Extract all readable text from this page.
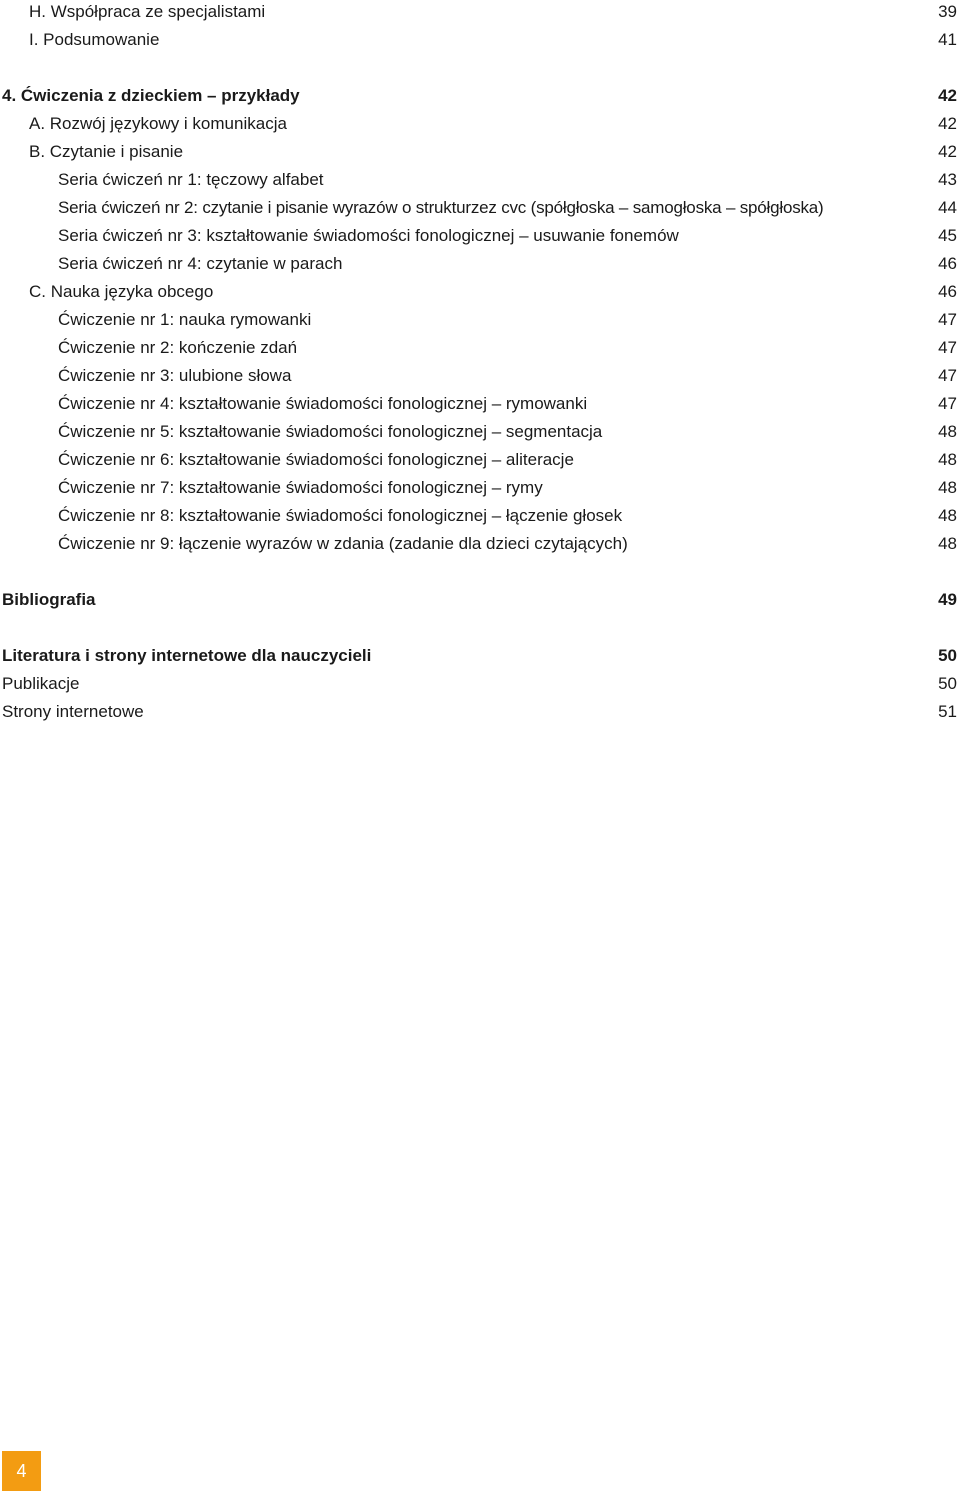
H. Współpraca ze specjalistami	39
I. Podsumowanie	41
4. Ćwiczenia z dzieckiem – przykłady	42
A. Rozwój językowy i komunikacja	42
B. Czytanie i pisanie	42
Seria ćwiczeń nr 1: tęczowy alfabet	43
Seria ćwiczeń nr 2: czytanie i pisanie wyrazów o strukturzez cvc (spółgłoska – samogłoska – spółgłoska)	44
Seria ćwiczeń nr 3: kształtowanie świadomości fonologicznej – usuwanie fonemów	45
Seria ćwiczeń nr 4: czytanie w parach	46
C. Nauka języka obcego	46
Ćwiczenie nr 1: nauka rymowanki	47
Ćwiczenie nr 2: kończenie zdań	47
Ćwiczenie nr 3: ulubione słowa	47
Ćwiczenie nr 4: kształtowanie świadomości fonologicznej – rymowanki	47
Ćwiczenie nr 5: kształtowanie świadomości fonologicznej – segmentacja	48
Ćwiczenie nr 6: kształtowanie świadomości fonologicznej – aliteracje	48
Ćwiczenie nr 7: kształtowanie świadomości fonologicznej – rymy	48
Ćwiczenie nr 8: kształtowanie świadomości fonologicznej – łączenie głosek	48
Ćwiczenie nr 9: łączenie wyrazów w zdania (zadanie dla dzieci czytających)	48
Bibliografia	49
Literatura i strony internetowe dla nauczycieli	50
Publikacje	50
Strony internetowe	51
4
